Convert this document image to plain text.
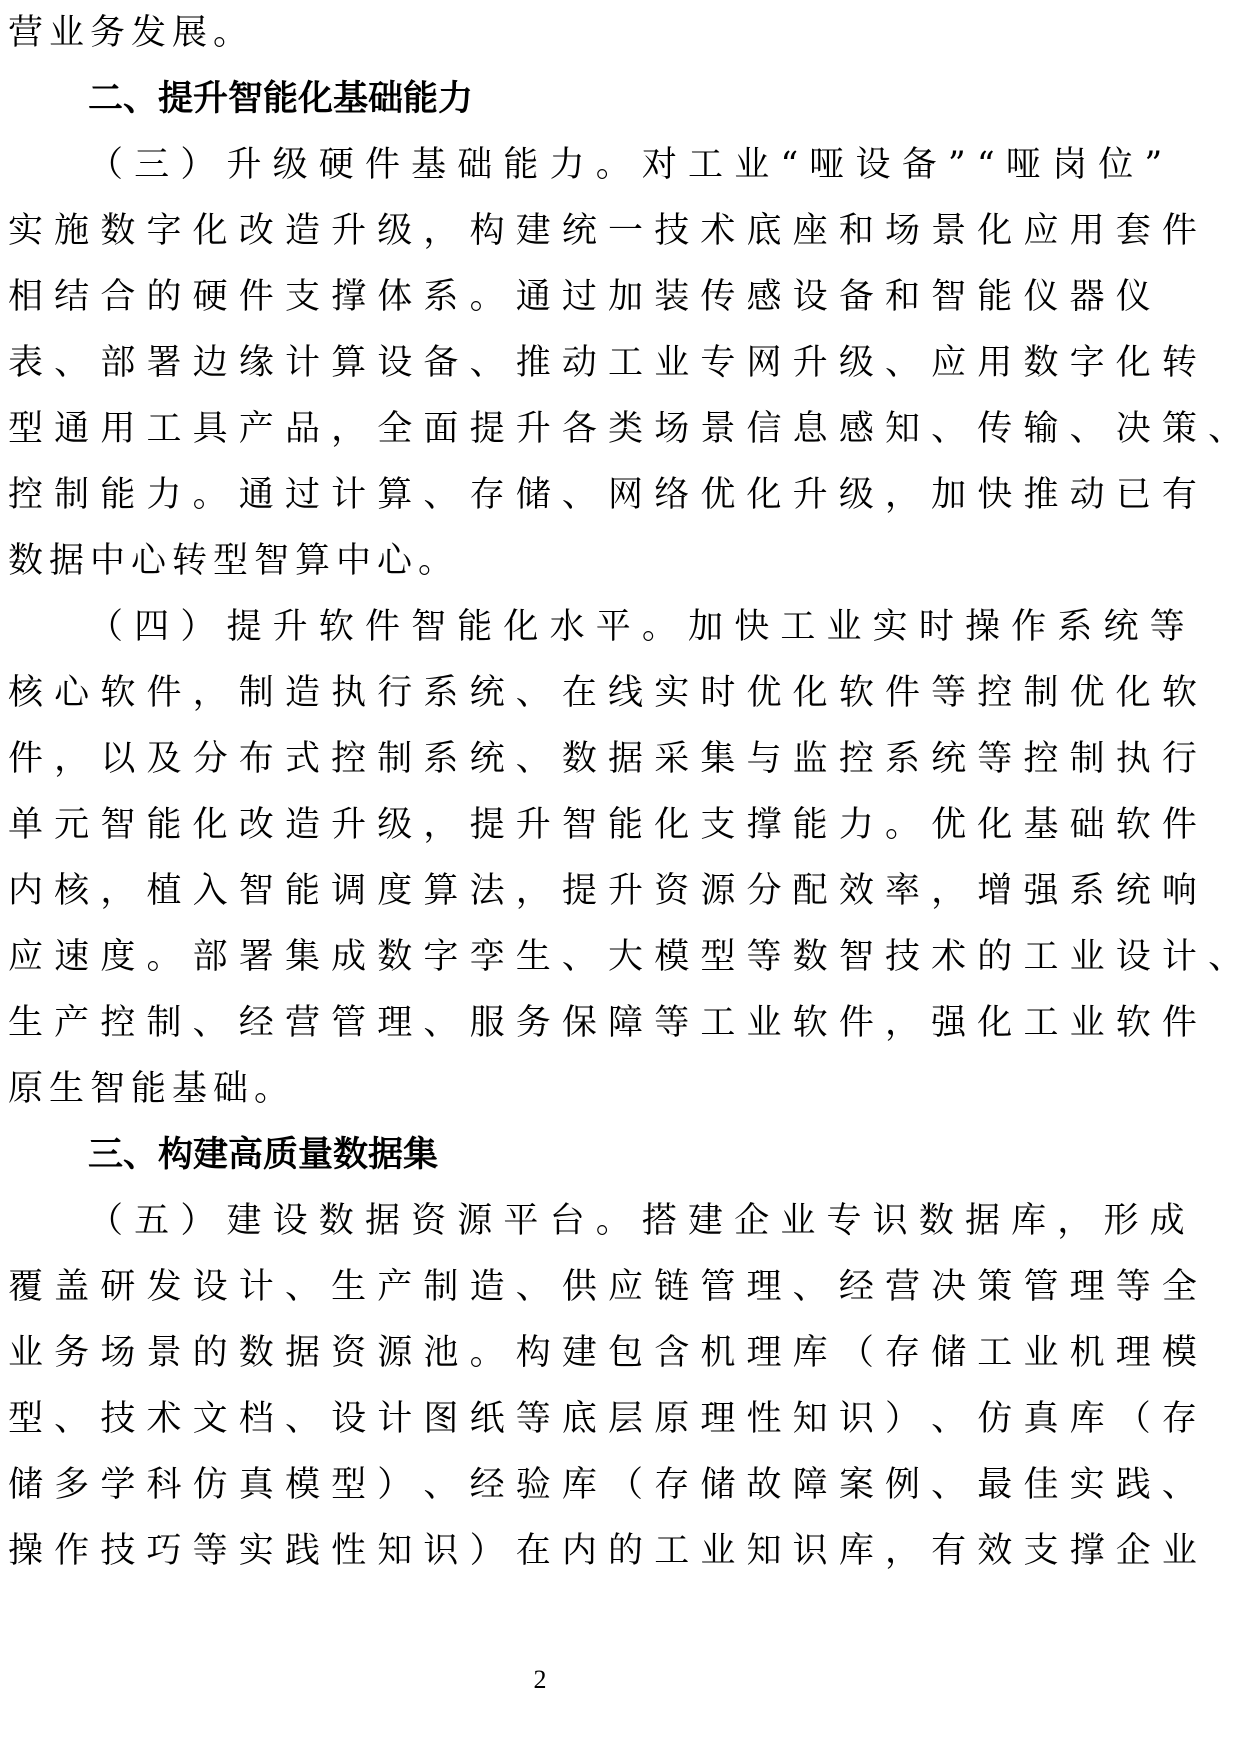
营业务发展。
二、提升智能化基础能力
（ 三 ） 升 级 硬 件 基 础 能 力 。 对 工 业 “ 哑 设 备 ” “ 哑 岗 位 ”
实 施 数 字 化 改 造 升 级 ， 构 建 统 一 技 术 底 座 和 场 景 化 应 用 套 件
相 结 合 的 硬 件 支 撑 体 系 。 通 过 加 装 传 感 设 备 和 智 能 仪 器 仪
表 、 部 署 边 缘 计 算 设 备 、 推 动 工 业 专 网 升 级 、 应 用 数 字 化 转
型 通 用 工 具 产 品 ， 全 面 提 升 各 类 场 景 信 息 感 知 、 传 输 、 决 策 、
控 制 能 力 。 通 过 计 算 、 存 储 、 网 络 优 化 升 级 ， 加 快 推 动 已 有
数据中心转型智算中心。
（ 四 ） 提 升 软 件 智 能 化 水 平 。 加 快 工 业 实 时 操 作 系 统 等
核 心 软 件 ， 制 造 执 行 系 统 、 在 线 实 时 优 化 软 件 等 控 制 优 化 软
件 ， 以 及 分 布 式 控 制 系 统 、 数 据 采 集 与 监 控 系 统 等 控 制 执 行
单 元 智 能 化 改 造 升 级 ， 提 升 智 能 化 支 撑 能 力 。 优 化 基 础 软 件
内 核 ， 植 入 智 能 调 度 算 法 ， 提 升 资 源 分 配 效 率 ， 增 强 系 统 响
应 速 度 。 部 署 集 成 数 字 孪 生 、 大 模 型 等 数 智 技 术 的 工 业 设 计 、
生 产 控 制 、 经 营 管 理 、 服 务 保 障 等 工 业 软 件 ， 强 化 工 业 软 件
原生智能基础。
三、构建高质量数据集
（ 五 ） 建 设 数 据 资 源 平 台 。 搭 建 企 业 专 识 数 据 库 ， 形 成
覆 盖 研 发 设 计 、 生 产 制 造 、 供 应 链 管 理 、 经 营 决 策 管 理 等 全
业 务 场 景 的 数 据 资 源 池 。 构 建 包 含 机 理 库 （ 存 储 工 业 机 理 模
型 、 技 术 文 档 、 设 计 图 纸 等 底 层 原 理 性 知 识 ） 、 仿 真 库 （ 存
储 多 学 科 仿 真 模 型 ） 、 经 验 库 （ 存 储 故 障 案 例 、 最 佳 实 践 、
操 作 技 巧 等 实 践 性 知 识 ） 在 内 的 工 业 知 识 库 ， 有 效 支 撑 企 业
2
